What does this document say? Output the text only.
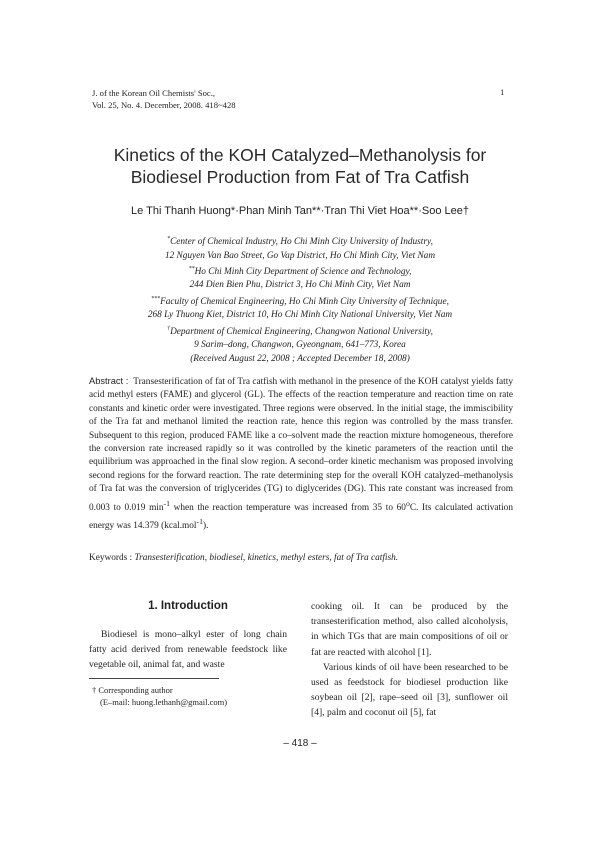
J. of the Korean Oil Chemists' Soc.,
Vol. 25, No. 4. December, 2008. 418~428
1
Kinetics of the KOH Catalyzed–Methanolysis for
Biodiesel Production from Fat of Tra Catfish
Le Thi Thanh Huong*·Phan Minh Tan**·Tran Thi Viet Hoa**·Soo Lee†
*Center of Chemical Industry, Ho Chi Minh City University of Industry,
12 Nguyen Van Bao Street, Go Vap District, Ho Chi Minh City, Viet Nam
**Ho Chi Minh City Department of Science and Technology,
244 Dien Bien Phu, District 3, Ho Chi Minh City, Viet Nam
***Faculty of Chemical Engineering, Ho Chi Minh City University of Technique,
268 Ly Thuong Kiet, District 10, Ho Chi Minh City National University, Viet Nam
†Department of Chemical Engineering, Changwon National University,
9 Sarim–dong, Changwon, Gyeongnam, 641–773, Korea
(Received August 22, 2008 ; Accepted December 18, 2008)
Abstract : Transesterification of fat of Tra catfish with methanol in the presence of the KOH catalyst yields fatty acid methyl esters (FAME) and glycerol (GL). The effects of the reaction temperature and reaction time on rate constants and kinetic order were investigated. Three regions were observed. In the initial stage, the immiscibility of the Tra fat and methanol limited the reaction rate, hence this region was controlled by the mass transfer. Subsequent to this region, produced FAME like a co–solvent made the reaction mixture homogeneous, therefore the conversion rate increased rapidly so it was controlled by the kinetic parameters of the reaction until the equilibrium was approached in the final slow region. A second–order kinetic mechanism was proposed involving second regions for the forward reaction. The rate determining step for the overall KOH catalyzed–methanolysis of Tra fat was the conversion of triglycerides (TG) to diglycerides (DG). This rate constant was increased from 0.003 to 0.019 $\min^{-1}$ when the reaction temperature was increased from 35 to 60$^o$C. Its calculated activation energy was 14.379 (kcal.mol$^{-1}$).
Keywords : Transesterification, biodiesel, kinetics, methyl esters, fat of Tra catfish.
1. Introduction

Biodiesel is mono–alkyl ester of long chain fatty acid derived from renewable feedstock like vegetable oil, animal fat, and waste

† Corresponding author
(E–mail: huong.lethanh@gmail.com)

cooking oil. It can be produced by the transesterification method, also called alcoholysis, in which TGs that are main compositions of oil or fat are reacted with alcohol [1].

Various kinds of oil have been researched to be used as feedstock for biodiesel production like soybean oil [2], rape–seed oil [3], sunflower oil [4], palm and coconut oil [5], fat

– 418 –
